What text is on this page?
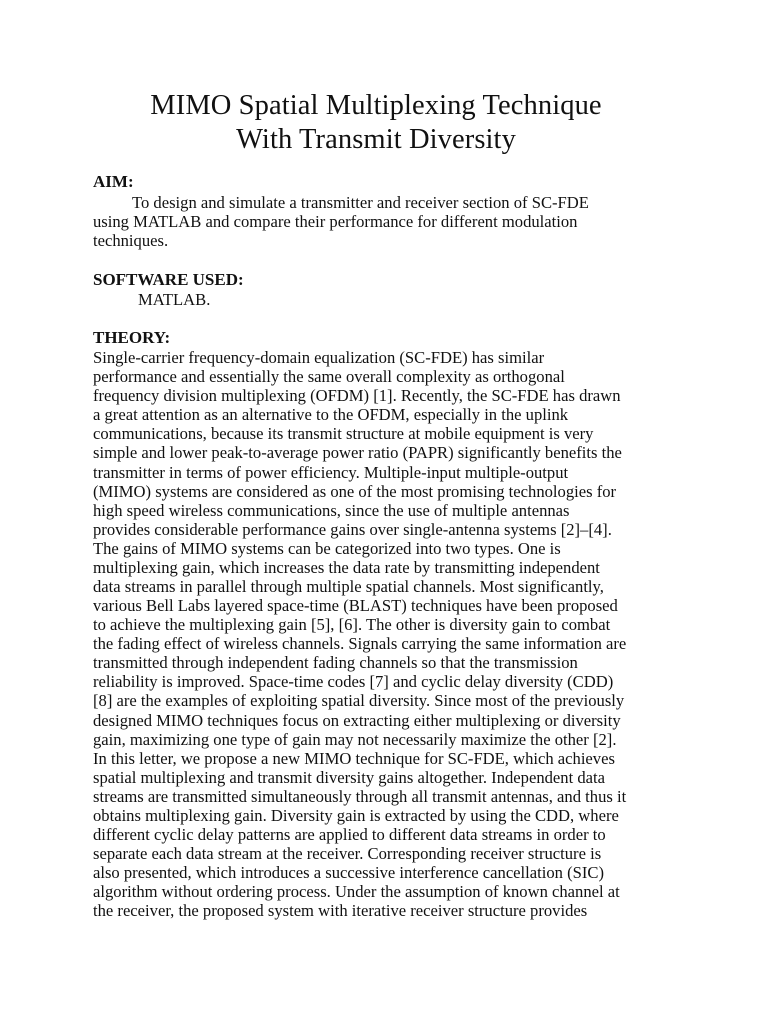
MIMO Spatial Multiplexing Technique
With Transmit Diversity
AIM:
To design and simulate a transmitter and receiver section of SC-FDE
using MATLAB and compare their performance for different modulation
techniques.
SOFTWARE USED:
MATLAB.
THEORY:
Single-carrier frequency-domain equalization (SC-FDE) has similar
performance and essentially the same overall complexity as orthogonal
frequency division multiplexing (OFDM) [1]. Recently, the SC-FDE has drawn
a great attention as an alternative to the OFDM, especially in the uplink
communications, because its transmit structure at mobile equipment is very
simple and lower peak-to-average power ratio (PAPR) significantly benefits the
transmitter in terms of power efficiency. Multiple-input multiple-output
(MIMO) systems are considered as one of the most promising technologies for
high speed wireless communications, since the use of multiple antennas
provides considerable performance gains over single-antenna systems [2]–[4].
The gains of MIMO systems can be categorized into two types. One is
multiplexing gain, which increases the data rate by transmitting independent
data streams in parallel through multiple spatial channels. Most significantly,
various Bell Labs layered space-time (BLAST) techniques have been proposed
to achieve the multiplexing gain [5], [6]. The other is diversity gain to combat
the fading effect of wireless channels. Signals carrying the same information are
transmitted through independent fading channels so that the transmission
reliability is improved. Space-time codes [7] and cyclic delay diversity (CDD)
[8] are the examples of exploiting spatial diversity. Since most of the previously
designed MIMO techniques focus on extracting either multiplexing or diversity
gain, maximizing one type of gain may not necessarily maximize the other [2].
In this letter, we propose a new MIMO technique for SC-FDE, which achieves
spatial multiplexing and transmit diversity gains altogether. Independent data
streams are transmitted simultaneously through all transmit antennas, and thus it
obtains multiplexing gain. Diversity gain is extracted by using the CDD, where
different cyclic delay patterns are applied to different data streams in order to
separate each data stream at the receiver. Corresponding receiver structure is
also presented, which introduces a successive interference cancellation (SIC)
algorithm without ordering process. Under the assumption of known channel at
the receiver, the proposed system with iterative receiver structure provides
